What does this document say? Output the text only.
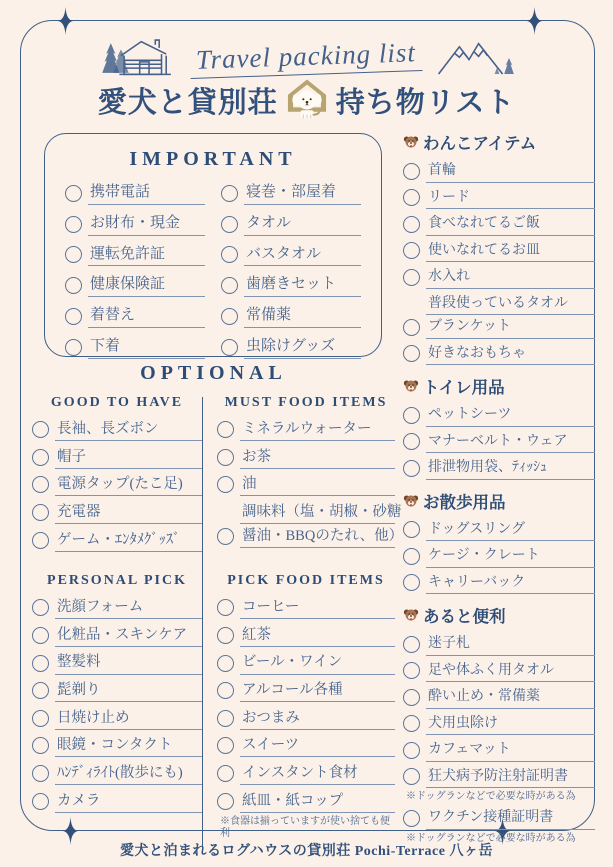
Travel packing list
愛犬と貸別荘 持ち物リスト
IMPORTANT
携帯電話
お財布・現金
運転免許証
健康保険証
着替え
下着
寝巻・部屋着
タオル
バスタオル
歯磨きセット
常備薬
虫除けグッズ
わんこアイテム
首輪
リード
食べなれてるご飯
使いなれてるお皿
水入れ
普段使っているタオル
ブランケット
好きなおもちゃ
トイレ用品
ペットシーツ
マナーベルト・ウェア
排泄物用袋、ﾃｨｯｼｭ
お散歩用品
ドッグスリング
ケージ・クレート
キャリーバック
あると便利
迷子札
足や体ふく用タオル
酔い止め・常備薬
犬用虫除け
カフェマット
狂犬病予防注射証明書
※ドッグランなどで必要な時がある為
ワクチン接種証明書
※ドッグランなどで必要な時がある為
OPTIONAL
GOOD TO HAVE
長袖、長ズボン
帽子
電源タップ(たこ足)
充電器
ゲーム・ｴﾝﾀﾒｸﾞｯｽﾞ
MUST FOOD ITEMS
ミネラルウォーター
お茶
油
調味料（塩・胡椒・砂糖
醤油・BBQのたれ、他）
PERSONAL PICK
洗顔フォーム
化粧品・スキンケア
整髪料
髭剃り
日焼け止め
眼鏡・コンタクト
ﾊﾝﾃﾞｨﾗｲﾄ(散歩にも)
カメラ
PICK FOOD ITEMS
コーヒー
紅茶
ビール・ワイン
アルコール各種
おつまみ
スイーツ
インスタント食材
紙皿・紙コップ
※食器は揃っていますが使い捨ても便利
愛犬と泊まれるログハウスの貸別荘 Pochi-Terrace 八ヶ岳
